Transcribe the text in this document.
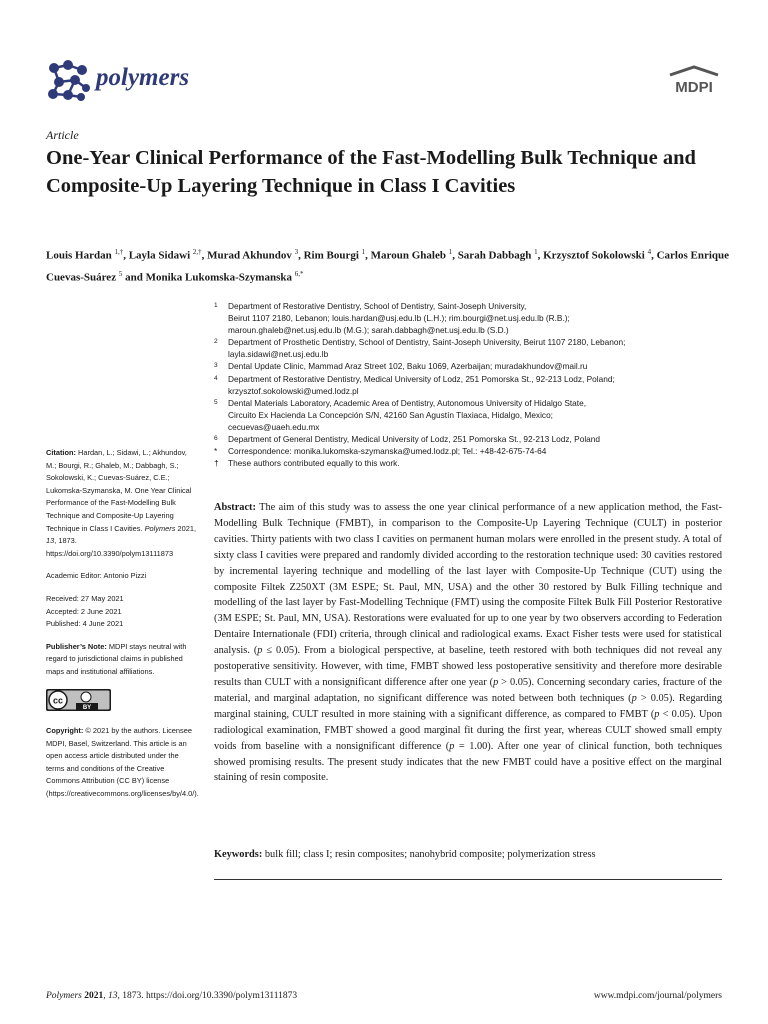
polymers	MDPI
Article
One-Year Clinical Performance of the Fast-Modelling Bulk Technique and Composite-Up Layering Technique in Class I Cavities
Louis Hardan $^{1,\dagger}$, Layla Sidawi $^{2,\dagger}$, Murad Akhundov $^3$, Rim Bourgi $^1$, Maroun Ghaleb $^1$, Sarah Dabbagh $^1$, Krzysztof Sokolowski $^4$, Carlos Enrique Cuevas-Suárez $^5$ and Monika Lukomska-Szymanska $^{6,*}$
1	Department of Restorative Dentistry, School of Dentistry, Saint-Joseph University,
Beirut 1107 2180, Lebanon; louis.hardan@usj.edu.lb (L.H.); rim.bourgi@net.usj.edu.lb (R.B.);
maroun.ghaleb@net.usj.edu.lb (M.G.); sarah.dabbagh@net.usj.edu.lb (S.D.)
2	Department of Prosthetic Dentistry, School of Dentistry, Saint-Joseph University, Beirut 1107 2180, Lebanon;
layla.sidawi@net.usj.edu.lb
3	Dental Update Clinic, Mammad Araz Street 102, Baku 1069, Azerbaijan; muradakhundov@mail.ru
4	Department of Restorative Dentistry, Medical University of Lodz, 251 Pomorska St., 92-213 Lodz, Poland;
krzysztof.sokolowski@umed.lodz.pl
5	Dental Materials Laboratory, Academic Area of Dentistry, Autonomous University of Hidalgo State,
Circuito Ex Hacienda La Concepción S/N, 42160 San Agustín Tlaxiaca, Hidalgo, Mexico;
cecuevas@uaeh.edu.mx
6	Department of General Dentistry, Medical University of Lodz, 251 Pomorska St., 92-213 Lodz, Poland
*	Correspondence: monika.lukomska-szymanska@umed.lodz.pl; Tel.: +48-42-675-74-64
†	These authors contributed equally to this work.
Citation: Hardan, L.; Sidawi, L.; Akhundov, M.; Bourgi, R.; Ghaleb, M.; Dabbagh, S.; Sokolowski, K.; Cuevas-Suárez, C.E.; Lukomska-Szymanska, M. One Year Clinical Performance of the Fast-Modelling Bulk Technique and Composite-Up Layering Technique in Class I Cavities. Polymers 2021, 13, 1873. https://doi.org/10.3390/polym13111873
Academic Editor: Antonio Pizzi
Received: 27 May 2021
Accepted: 2 June 2021
Published: 4 June 2021
Publisher’s Note: MDPI stays neutral with regard to jurisdictional claims in published maps and institutional affiliations.
cc
BY
Copyright: © 2021 by the authors. Licensee MDPI, Basel, Switzerland. This article is an open access article distributed under the terms and conditions of the Creative Commons Attribution (CC BY) license (https://creativecommons.org/licenses/by/4.0/).
Abstract: The aim of this study was to assess the one year clinical performance of a new application method, the Fast-Modelling Bulk Technique (FMBT), in comparison to the Composite-Up Layering Technique (CULT) in posterior cavities. Thirty patients with two class I cavities on permanent human molars were enrolled in the present study. A total of sixty class I cavities were prepared and randomly divided according to the restoration technique used: 30 cavities restored by incremental layering technique and modelling of the last layer with Composite-Up Technique (CUT) using the composite Filtek Z250XT (3M ESPE; St. Paul, MN, USA) and the other 30 restored by Bulk Filling technique and modelling of the last layer by Fast-Modelling Technique (FMT) using the composite Filtek Bulk Fill Posterior Restorative (3M ESPE; St. Paul, MN, USA). Restorations were evaluated for up to one year by two observers according to Federation Dentaire Internationale (FDI) criteria, through clinical and radiological exams. Exact Fisher tests were used for statistical analysis. (p ≤ 0.05). From a biological perspective, at baseline, teeth restored with both techniques did not reveal any postoperative sensitivity. However, with time, FMBT showed less postoperative sensitivity and therefore more desirable results than CULT with a nonsignificant difference after one year (p > 0.05). Concerning secondary caries, fracture of the material, and marginal adaptation, no significant difference was noted between both techniques (p > 0.05). Regarding marginal staining, CULT resulted in more staining with a significant difference, as compared to FMBT (p < 0.05). Upon radiological examination, FMBT showed a good marginal fit during the first year, whereas CULT showed small empty voids from baseline with a nonsignificant difference (p = 1.00). After one year of clinical function, both techniques showed promising results. The present study indicates that the new FMBT could have a positive effect on the marginal staining of resin composite.
Keywords: bulk fill; class I; resin composites; nanohybrid composite; polymerization stress
Polymers 2021, 13, 1873. https://doi.org/10.3390/polym13111873	www.mdpi.com/journal/polymers
